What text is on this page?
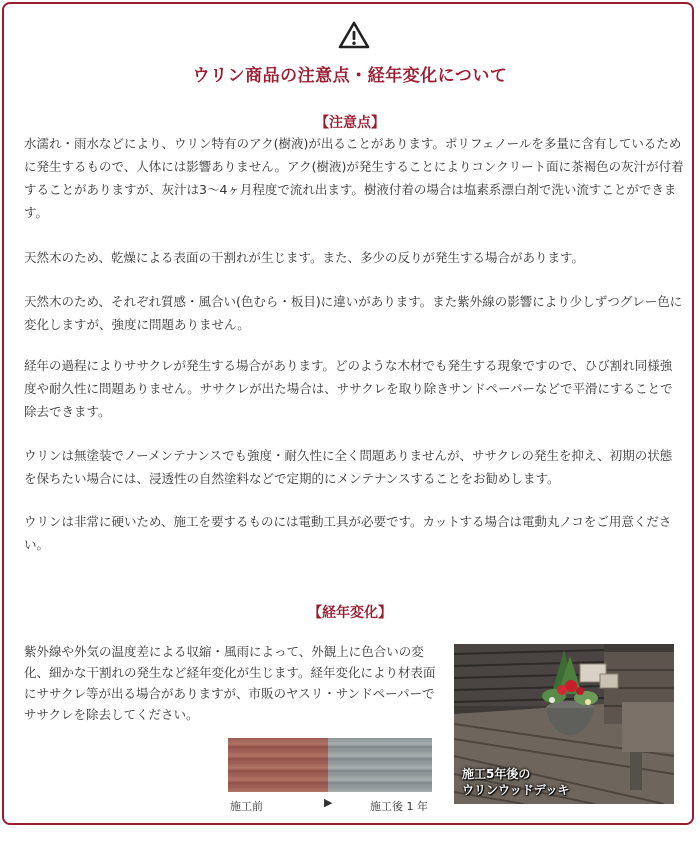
ウリン商品の注意点・経年変化について
【注意点】

水濡れ・雨水などにより、ウリン特有のアク(樹液)が出ることがあります。ポリフェノールを多量に含有しているために発生するもので、人体には影響ありません。アク(樹液)が発生することによりコンクリート面に茶褐色の灰汁が付着することがありますが、灰汁は3〜4ヶ月程度で流れ出ます。樹液付着の場合は塩素系漂白剤で洗い流すことができます。

天然木のため、乾燥による表面の干割れが生じます。また、多少の反りが発生する場合があります。

天然木のため、それぞれ質感・風合い(色むら・板目)に違いがあります。また紫外線の影響により少しずつグレー色に変化しますが、強度に問題ありません。

経年の過程によりササクレが発生する場合があります。どのような木材でも発生する現象ですので、ひび割れ同様強度や耐久性に問題ありません。ササクレが出た場合は、ササクレを取り除きサンドペーパーなどで平滑にすることで除去できます。

ウリンは無塗装でノーメンテナンスでも強度・耐久性に全く問題ありませんが、ササクレの発生を抑え、初期の状態を保ちたい場合には、浸透性の自然塗料などで定期的にメンテナンスすることをお勧めします。

ウリンは非常に硬いため、施工を要するものには電動工具が必要です。カットする場合は電動丸ノコをご用意ください。

【経年変化】

紫外線や外気の温度差による収縮・風雨によって、外観上に色合いの変化、細かな干割れの発生など経年変化が生じます。経年変化により材表面にササクレ等が出る場合がありますが、市販のヤスリ・サンドペーパーでササクレを除去してください。

施工前	▶	施工後 1 年
施工5年後の
ウリンウッドデッキ
